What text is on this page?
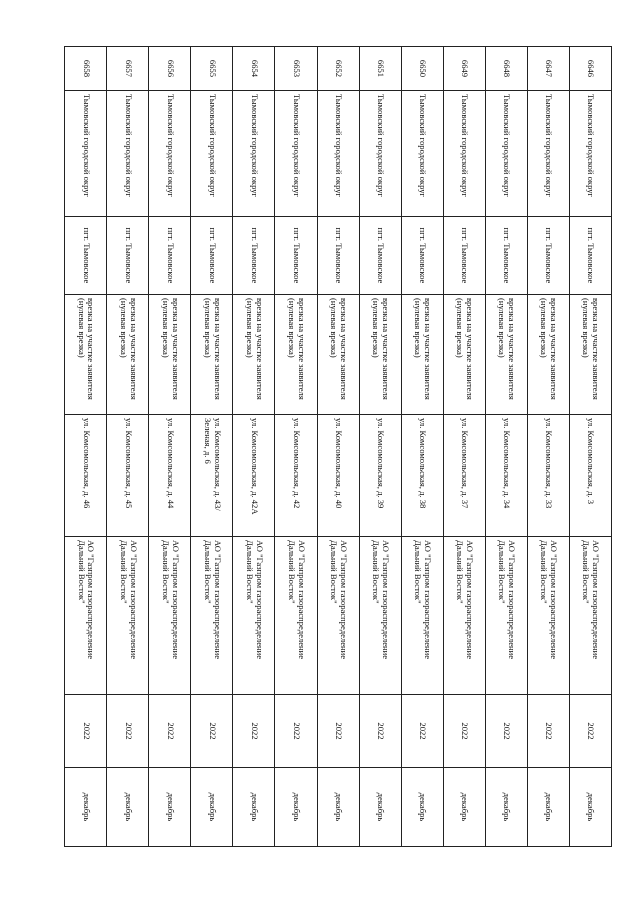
6646	Тымовский городской округ	пгт. Тымовское	врезка на участке заявителя (нулевая врезка)	ул. Комсомольская, д. 3	АО "Газпром газораспределение Дальний Восток"	2022	декабрь
6647	Тымовский городской округ	пгт. Тымовское	врезка на участке заявителя (нулевая врезка)	ул. Комсомольская, д. 33	АО "Газпром газораспределение Дальний Восток"	2022	декабрь
6648	Тымовский городской округ	пгт. Тымовское	врезка на участке заявителя (нулевая врезка)	ул. Комсомольская, д. 34	АО "Газпром газораспределение Дальний Восток"	2022	декабрь
6649	Тымовский городской округ	пгт. Тымовское	врезка на участке заявителя (нулевая врезка)	ул. Комсомольская, д. 37	АО "Газпром газораспределение Дальний Восток"	2022	декабрь
6650	Тымовский городской округ	пгт. Тымовское	врезка на участке заявителя (нулевая врезка)	ул. Комсомольская, д. 38	АО "Газпром газораспределение Дальний Восток"	2022	декабрь
6651	Тымовский городской округ	пгт. Тымовское	врезка на участке заявителя (нулевая врезка)	ул. Комсомольская, д. 39	АО "Газпром газораспределение Дальний Восток"	2022	декабрь
6652	Тымовский городской округ	пгт. Тымовское	врезка на участке заявителя (нулевая врезка)	ул. Комсомольская, д. 40	АО "Газпром газораспределение Дальний Восток"	2022	декабрь
6653	Тымовский городской округ	пгт. Тымовское	врезка на участке заявителя (нулевая врезка)	ул. Комсомольская, д. 42	АО "Газпром газораспределение Дальний Восток"	2022	декабрь
6654	Тымовский городской округ	пгт. Тымовское	врезка на участке заявителя (нулевая врезка)	ул. Комсомольская, д. 42А	АО "Газпром газораспределение Дальний Восток"	2022	декабрь
6655	Тымовский городской округ	пгт. Тымовское	врезка на участке заявителя (нулевая врезка)	ул. Комсомольская, д. 43/Зеленая, д. 6	АО "Газпром газораспределение Дальний Восток"	2022	декабрь
6656	Тымовский городской округ	пгт. Тымовское	врезка на участке заявителя (нулевая врезка)	ул. Комсомольская, д. 44	АО "Газпром газораспределение Дальний Восток"	2022	декабрь
6657	Тымовский городской округ	пгт. Тымовское	врезка на участке заявителя (нулевая врезка)	ул. Комсомольская, д. 45	АО "Газпром газораспределение Дальний Восток"	2022	декабрь
6658	Тымовский городской округ	пгт. Тымовское	врезка на участке заявителя (нулевая врезка)	ул. Комсомольская, д. 46	АО "Газпром газораспределение Дальний Восток"	2022	декабрь
